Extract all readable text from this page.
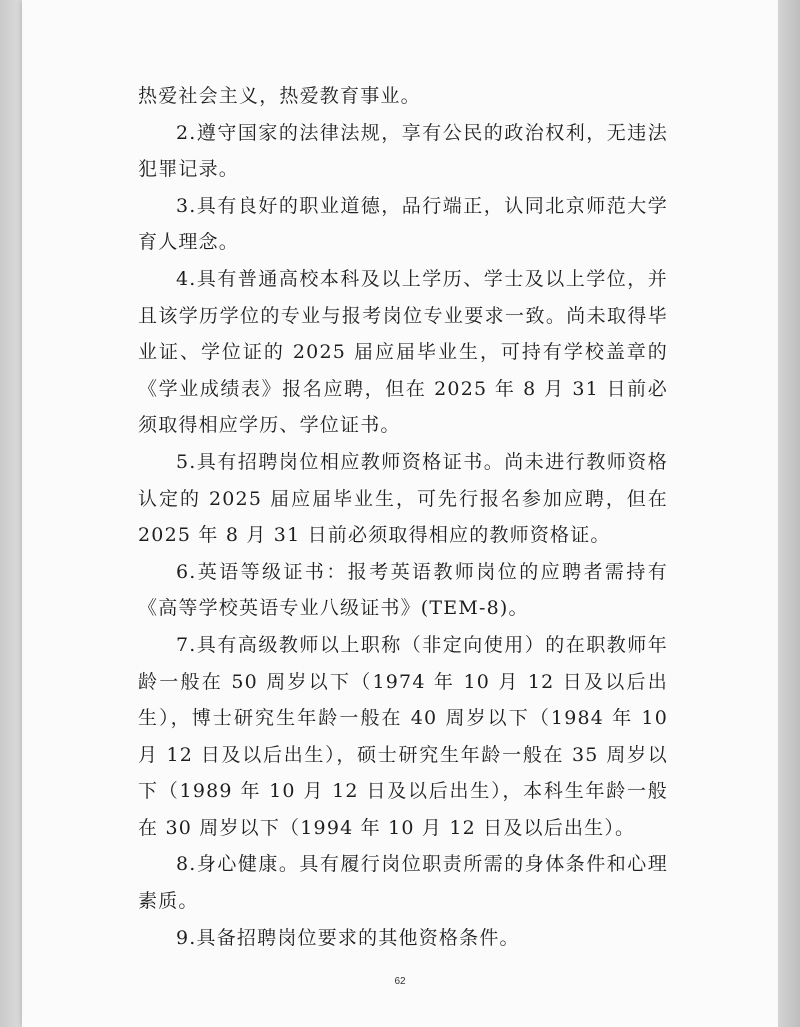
热爱社会主义，热爱教育事业。

2.遵守国家的法律法规，享有公民的政治权利，无违法犯罪记录。

3.具有良好的职业道德，品行端正，认同北京师范大学育人理念。

4.具有普通高校本科及以上学历、学士及以上学位，并且该学历学位的专业与报考岗位专业要求一致。尚未取得毕业证、学位证的 2025 届应届毕业生，可持有学校盖章的《学业成绩表》报名应聘，但在 2025 年 8 月 31 日前必须取得相应学历、学位证书。

5.具有招聘岗位相应教师资格证书。尚未进行教师资格认定的 2025 届应届毕业生，可先行报名参加应聘，但在 2025 年 8 月 31 日前必须取得相应的教师资格证。

6.英语等级证书：报考英语教师岗位的应聘者需持有《高等学校英语专业八级证书》(TEM-8)。

7.具有高级教师以上职称（非定向使用）的在职教师年龄一般在 50 周岁以下（1974 年 10 月 12 日及以后出生），博士研究生年龄一般在 40 周岁以下（1984 年 10 月 12 日及以后出生），硕士研究生年龄一般在 35 周岁以下（1989 年 10 月 12 日及以后出生），本科生年龄一般在 30 周岁以下（1994 年 10 月 12 日及以后出生）。

8.身心健康。具有履行岗位职责所需的身体条件和心理素质。

9.具备招聘岗位要求的其他资格条件。

62
